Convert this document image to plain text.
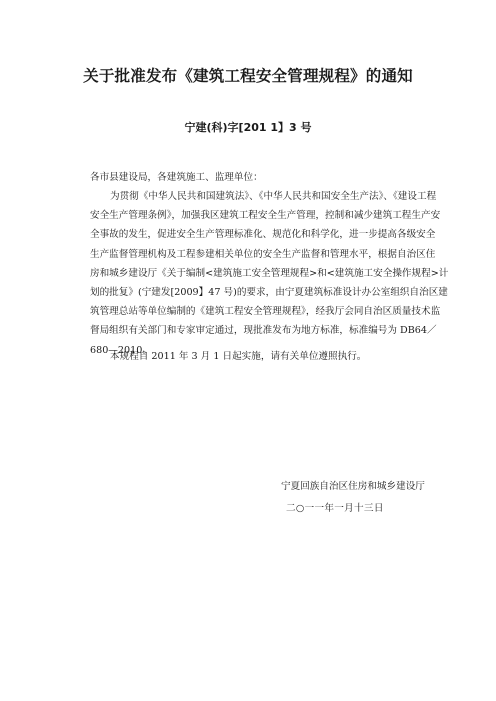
关于批准发布《建筑工程安全管理规程》的通知
宁建(科)字[201 1】3 号
各市县建设局，各建筑施工、监理单位：
为贯彻《中华人民共和国建筑法》、《中华人民共和国安全生产法》、《建设工程
安全生产管理条例》，加强我区建筑工程安全生产管理，控制和减少建筑工程生产安
全事故的发生，促进安全生产管理标准化、规范化和科学化，进一步提高各级安全
生产监督管理机构及工程参建相关单位的安全生产监督和管理水平，根据自治区住
房和城乡建设厅《关于编制<建筑施工安全管理规程>和<建筑施工安全操作规程>计
划的批复》(宁建发[2009】47 号)的要求，由宁夏建筑标准设计办公室组织自治区建
筑管理总站等单位编制的《建筑工程安全管理规程》，经我厅会同自治区质量技术监
督局组织有关部门和专家审定通过，现批准发布为地方标准，标准编号为 DB64／
680—2010。
本规程自 2011 年 3 月 1 日起实施，请有关单位遵照执行。
宁夏回族自治区住房和城乡建设厅
二○一一年一月十三日
